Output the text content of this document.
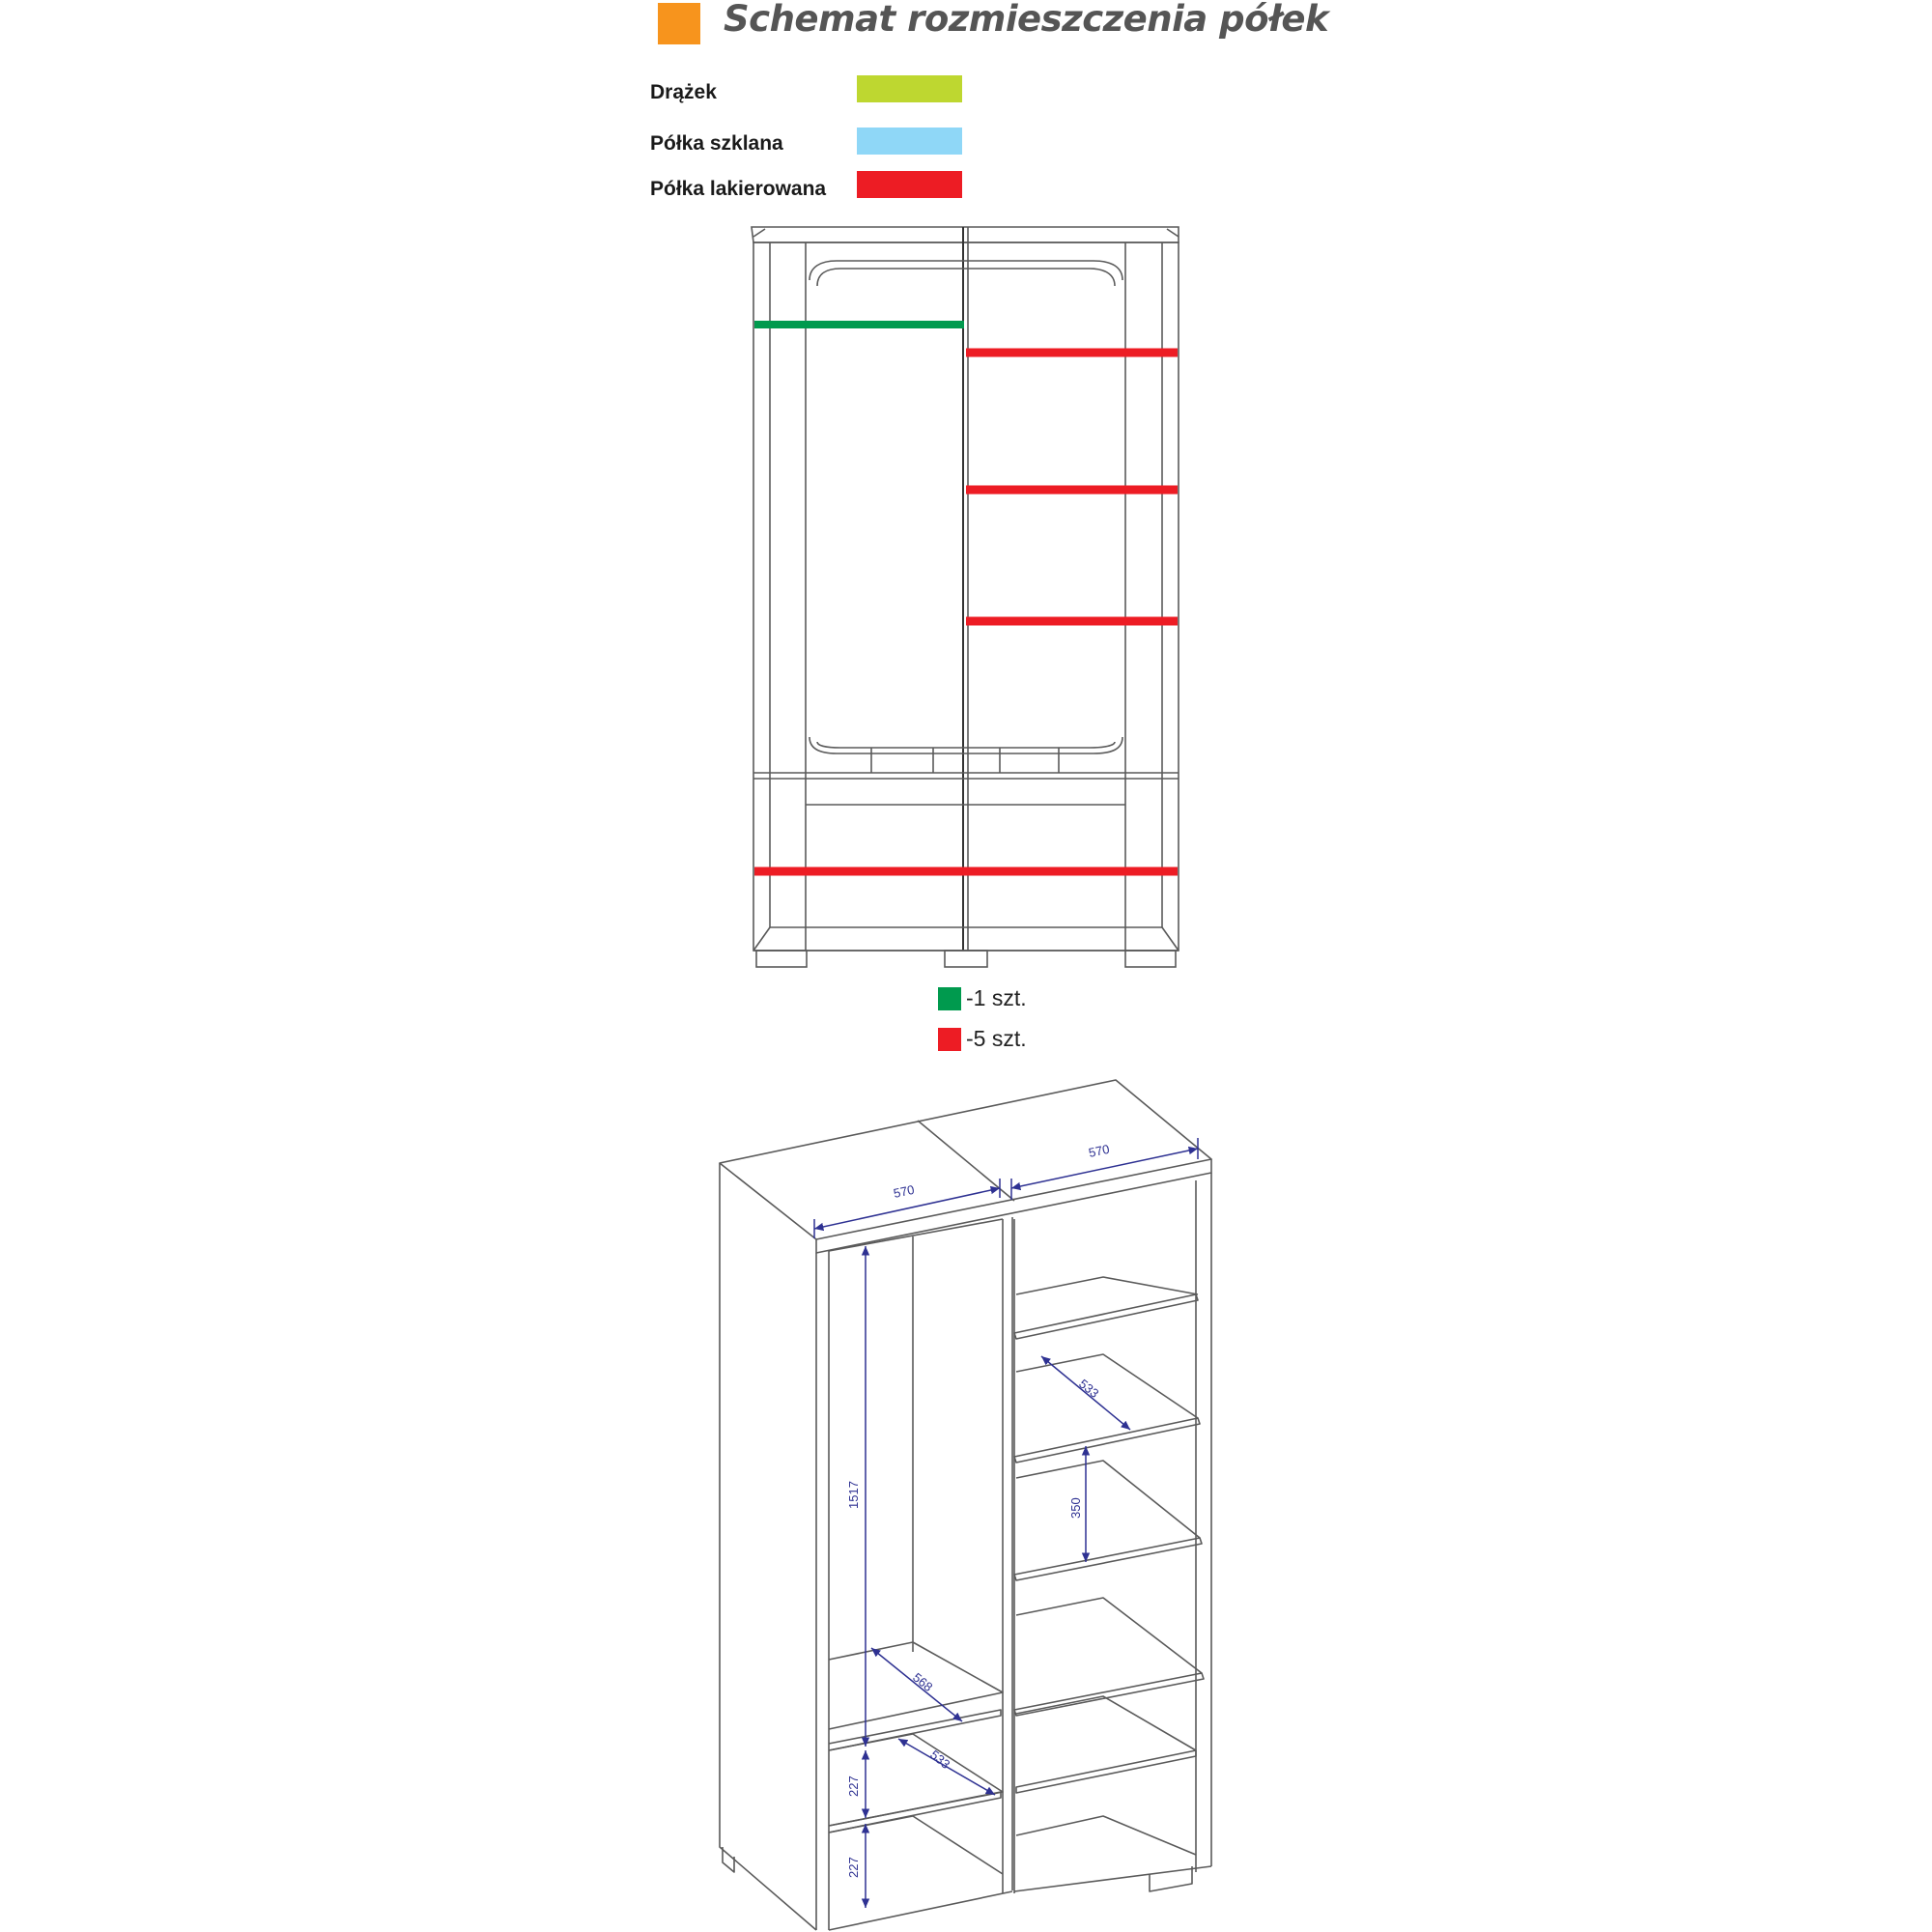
Schemat rozmieszczenia półek
Drążek
Półka szklana
Półka lakierowana
570
570
1517
227
227
568
533
533
350
-1 szt.
-5 szt.
